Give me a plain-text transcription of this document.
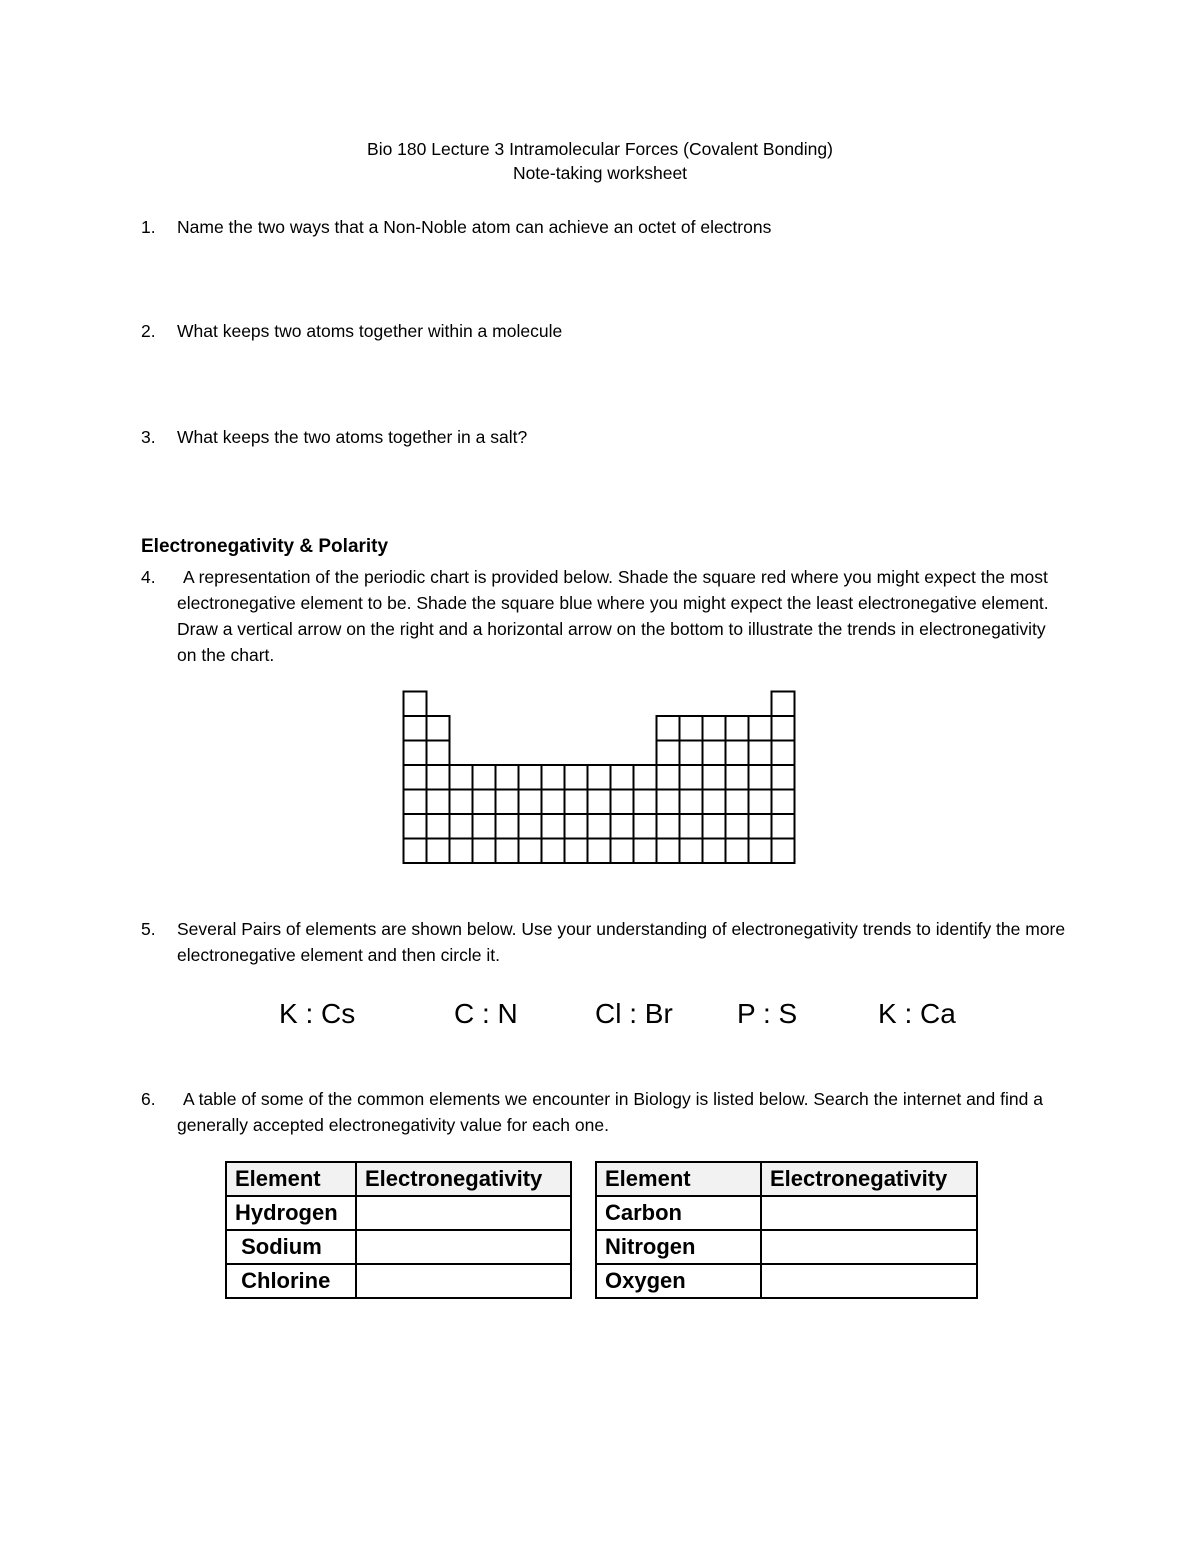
Bio 180 Lecture 3 Intramolecular Forces (Covalent Bonding)
Note-taking worksheet
1.	Name the two ways that a Non-Noble atom can achieve an octet of electrons
2.	What keeps two atoms together within a molecule
3.	What keeps the two atoms together in a salt?
Electronegativity & Polarity
4.	A representation of the periodic chart is provided below. Shade the square red where you might expect the most electronegative element to be. Shade the square blue where you might expect the least electronegative element. Draw a vertical arrow on the right and a horizontal arrow on the bottom to illustrate the trends in electronegativity on the chart.
5.	Several Pairs of elements are shown below. Use your understanding of electronegativity trends to identify the more electronegative element and then circle it.
K : Cs	C : N	Cl : Br P : S	K : Ca
6.	A table of some of the common elements we encounter in Biology is listed below. Search the internet and find a generally accepted electronegativity value for each one.
Element	Electronegativity
Hydrogen	
Sodium	
Chlorine	
Element	Electronegativity
Carbon	
Nitrogen	
Oxygen	
